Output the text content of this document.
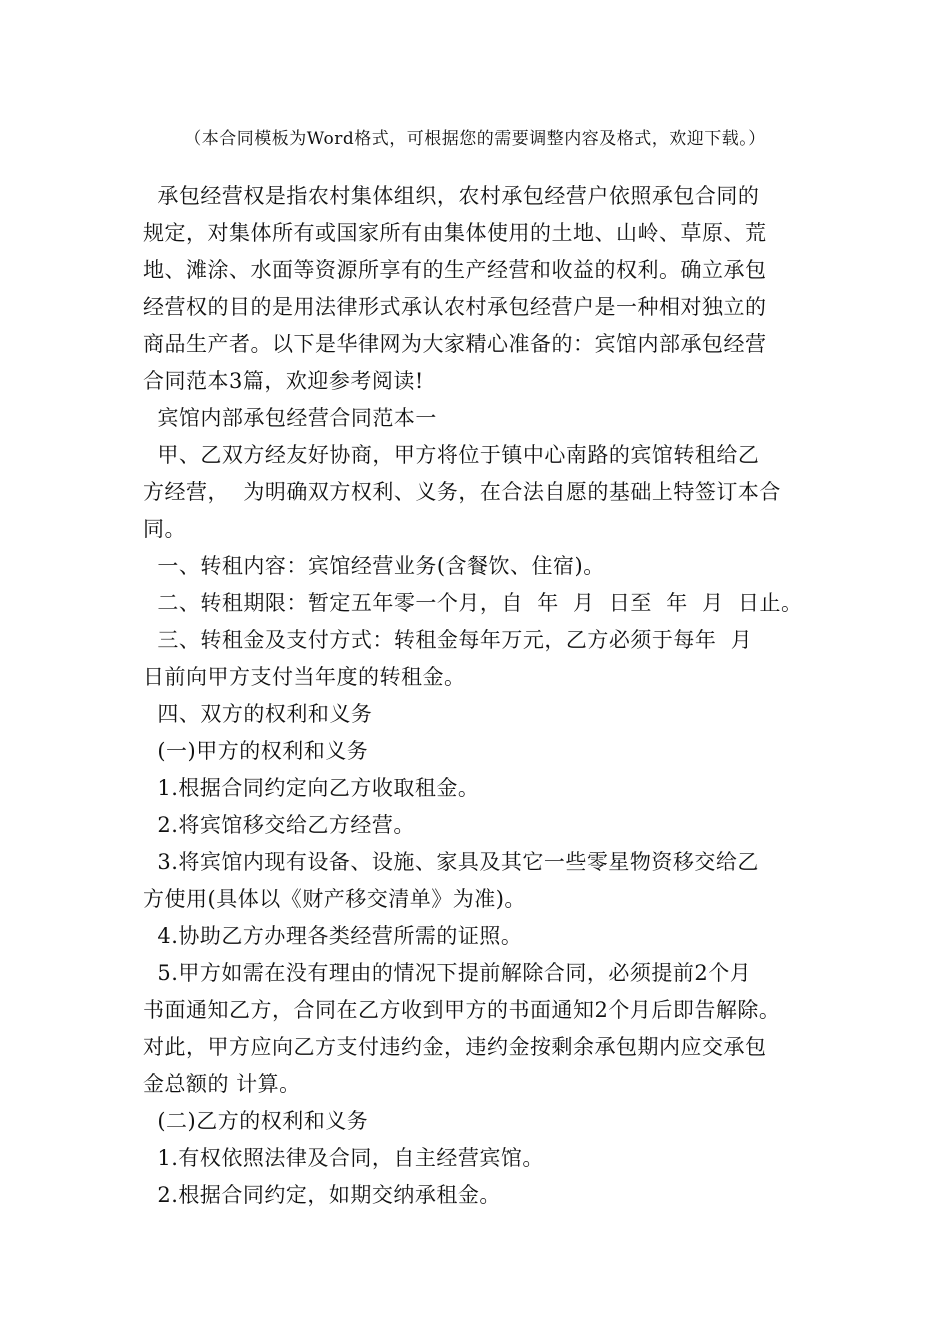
（本合同模板为Word格式，可根据您的需要调整内容及格式，欢迎下载。）

承包经营权是指农村集体组织，农村承包经营户依照承包合同的

规定，对集体所有或国家所有由集体使用的土地、山岭、草原、荒

地、滩涂、水面等资源所享有的生产经营和收益的权利。确立承包

经营权的目的是用法律形式承认农村承包经营户是一种相对独立的

商品生产者。以下是华律网为大家精心准备的：宾馆内部承包经营

合同范本3篇，欢迎参考阅读!

宾馆内部承包经营合同范本一

甲、乙双方经友好协商，甲方将位于镇中心南路的宾馆转租给乙

方经营，  为明确双方权利、义务，在合法自愿的基础上特签订本合

同。

一、转租内容：宾馆经营业务(含餐饮、住宿)。

二、转租期限：暂定五年零一个月，自  年  月  日至  年  月  日止。

三、转租金及支付方式：转租金每年万元，乙方必须于每年  月

日前向甲方支付当年度的转租金。

四、双方的权利和义务

(一)甲方的权利和义务

1.根据合同约定向乙方收取租金。

2.将宾馆移交给乙方经营。

3.将宾馆内现有设备、设施、家具及其它一些零星物资移交给乙

方使用(具体以《财产移交清单》为准)。

4.协助乙方办理各类经营所需的证照。

5.甲方如需在没有理由的情况下提前解除合同，必须提前2个月

书面通知乙方，合同在乙方收到甲方的书面通知2个月后即告解除。

对此，甲方应向乙方支付违约金，违约金按剩余承包期内应交承包

金总额的 计算。

(二)乙方的权利和义务

1.有权依照法律及合同，自主经营宾馆。

2.根据合同约定，如期交纳承租金。
